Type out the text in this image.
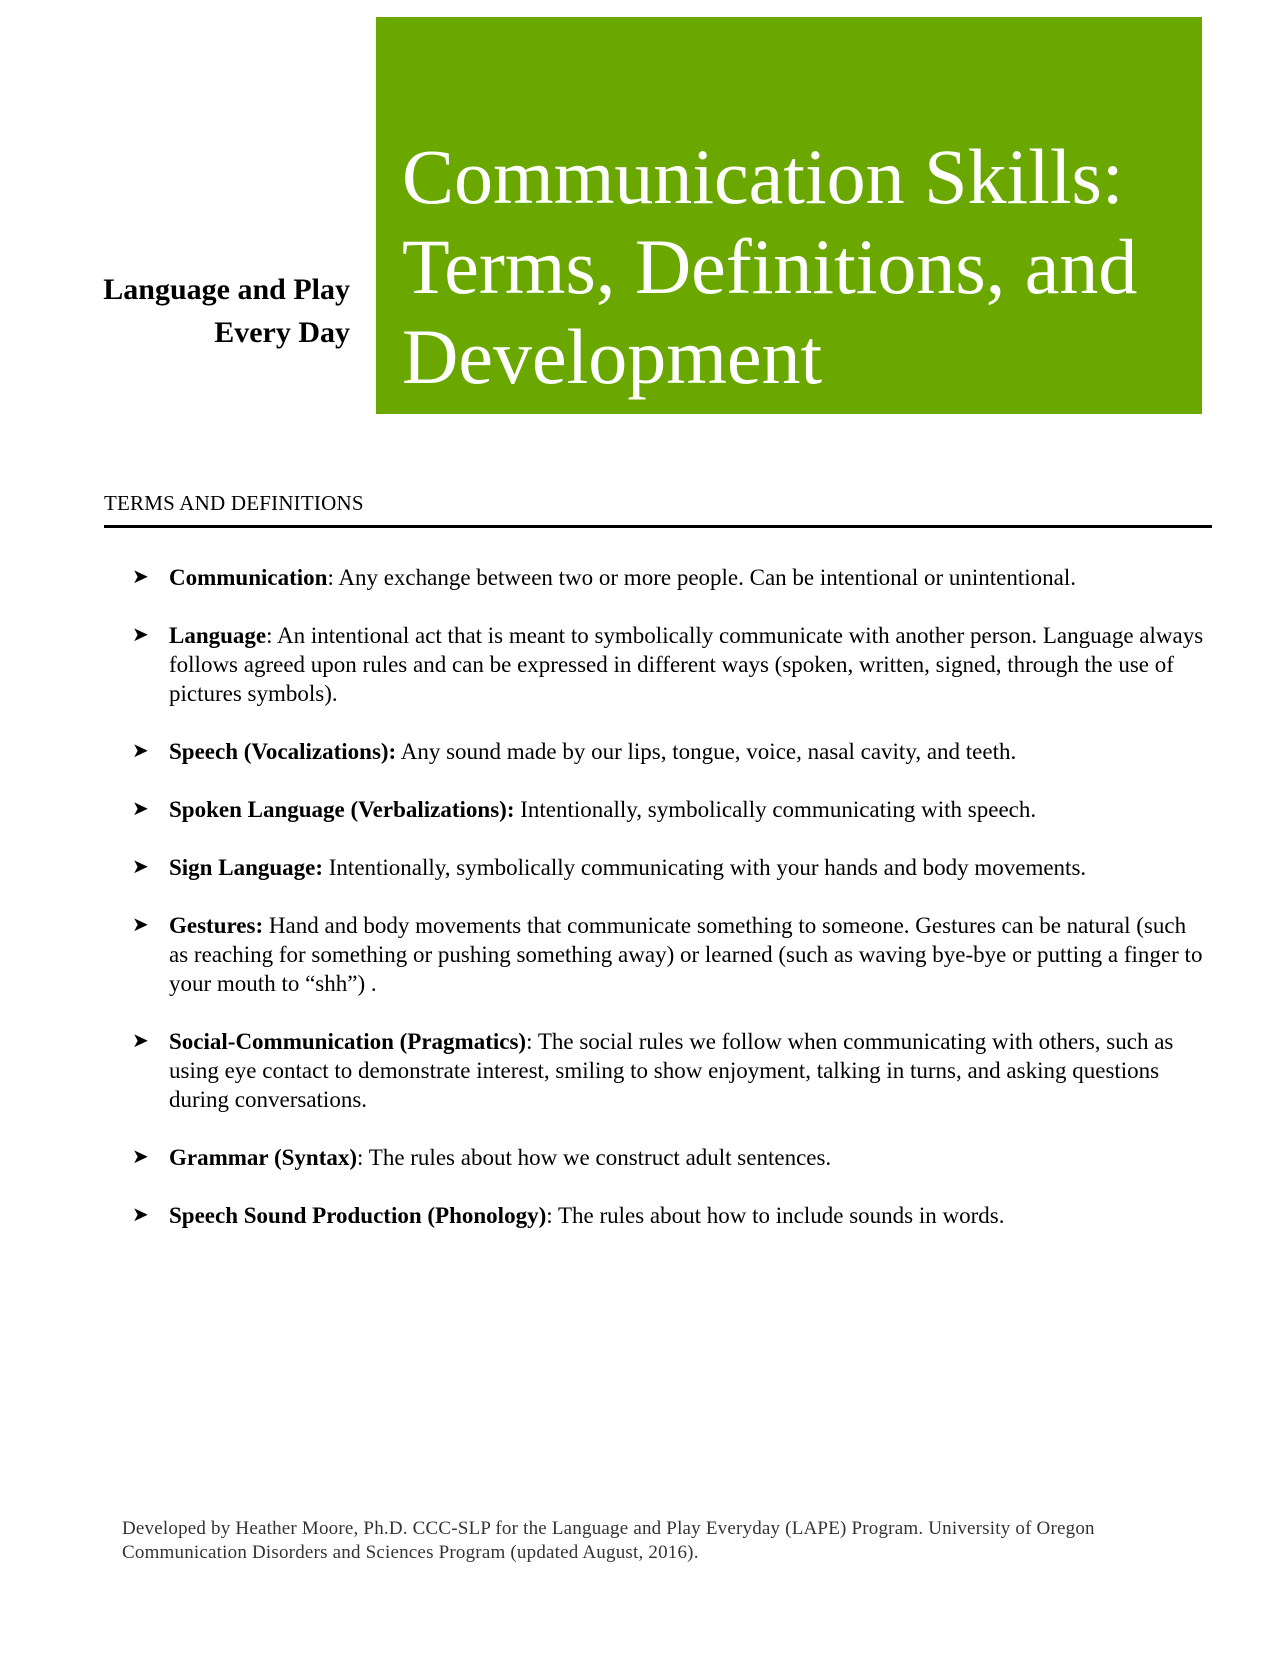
Language and Play
Every Day
Communication Skills:
Terms, Definitions, and
Development
TERMS AND DEFINITIONS
➤ Communication: Any exchange between two or more people. Can be intentional or unintentional.
➤ Language: An intentional act that is meant to symbolically communicate with another person. Language always follows agreed upon rules and can be expressed in different ways (spoken, written, signed, through the use of pictures symbols).
➤ Speech (Vocalizations): Any sound made by our lips, tongue, voice, nasal cavity, and teeth.
➤ Spoken Language (Verbalizations): Intentionally, symbolically communicating with speech.
➤ Sign Language: Intentionally, symbolically communicating with your hands and body movements.
➤ Gestures: Hand and body movements that communicate something to someone. Gestures can be natural (such as reaching for something or pushing something away) or learned (such as waving bye-bye or putting a finger to your mouth to “shh”) .
➤ Social-Communication (Pragmatics): The social rules we follow when communicating with others, such as using eye contact to demonstrate interest, smiling to show enjoyment, talking in turns, and asking questions during conversations.
➤ Grammar (Syntax): The rules about how we construct adult sentences.
➤ Speech Sound Production (Phonology): The rules about how to include sounds in words.
Developed by Heather Moore, Ph.D. CCC-SLP for the Language and Play Everyday (LAPE) Program. University of Oregon
Communication Disorders and Sciences Program (updated August, 2016).
